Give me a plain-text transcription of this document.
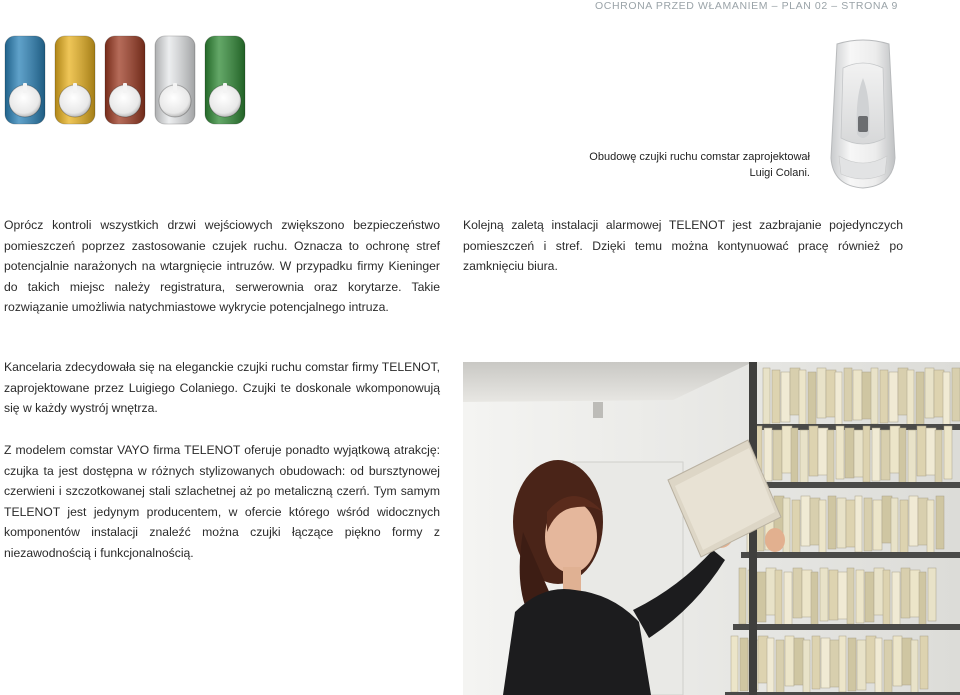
OCHRONA PRZED WŁAMANIEM – PLAN 02 – STRONA 9
Obudowę czujki ruchu comstar zaprojektował
Luigi Colani.

Oprócz kontroli wszystkich drzwi wejściowych zwiększono bezpieczeństwo pomieszczeń poprzez zastosowanie czujek ruchu. Oznacza to ochronę stref potencjalnie narażonych na wtargnięcie intruzów. W przypadku firmy Kieninger do takich miejsc należy registratura, serwerownia oraz korytarze. Takie rozwiązanie umożliwia natychmiastowe wykrycie potencjalnego intruza.

Kolejną zaletą instalacji alarmowej TELENOT jest zazbrajanie pojedynczych pomieszczeń i stref. Dzięki temu można kontynuować pracę również po zamknięciu biura.

Kancelaria zdecydowała się na eleganckie czujki ruchu comstar firmy TELENOT, zaprojektowane przez Luigiego Colaniego. Czujki te doskonale wkomponowują się w każdy wystrój wnętrza.

Z modelem comstar VAYO firma TELENOT oferuje ponadto wyjątkową atrakcję: czujka ta jest dostępna w różnych stylizowanych obudowach: od bursztynowej czerwieni i szczotkowanej stali szlachetnej aż po metaliczną czerń. Tym samym TELENOT jest jedynym producentem, w ofercie którego wśród widocznych komponentów instalacji znaleźć można czujki łączące piękno formy z niezawodnością i funkcjonalnością.
